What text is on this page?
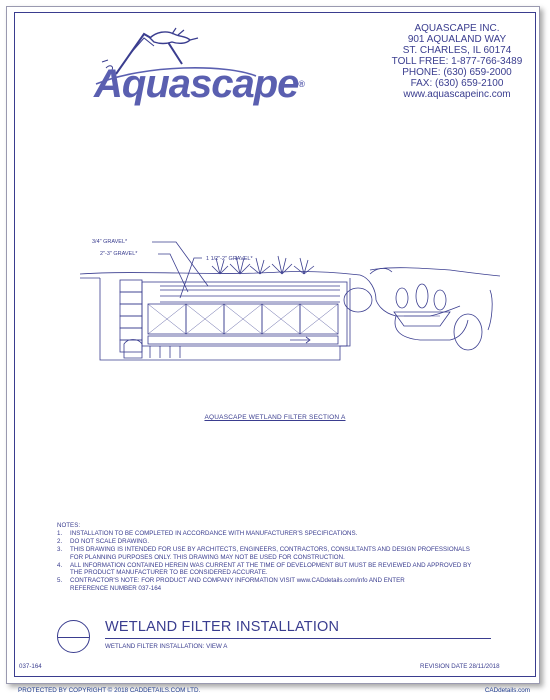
Aquascape®
AQUASCAPE INC.
901 AQUALAND WAY
ST. CHARLES, IL 60174
TOLL FREE: 1-877-766-3489
PHONE: (630) 659-2000
FAX: (630) 659-2100
www.aquascapeinc.com
3/4" GRAVEL*
2"-3" GRAVEL*
1 1/2"-2" GRAVEL*
AQUASCAPE WETLAND FILTER SECTION A
NOTES:
1. INSTALLATION TO BE COMPLETED IN ACCORDANCE WITH MANUFACTURER'S SPECIFICATIONS.
2. DO NOT SCALE DRAWING.
3. THIS DRAWING IS INTENDED FOR USE BY ARCHITECTS, ENGINEERS, CONTRACTORS, CONSULTANTS AND DESIGN PROFESSIONALS
FOR PLANNING PURPOSES ONLY. THIS DRAWING MAY NOT BE USED FOR CONSTRUCTION.
4. ALL INFORMATION CONTAINED HEREIN WAS CURRENT AT THE TIME OF DEVELOPMENT BUT MUST BE REVIEWED AND APPROVED BY
THE PRODUCT MANUFACTURER TO BE CONSIDERED ACCURATE.
5. CONTRACTOR'S NOTE: FOR PRODUCT AND COMPANY INFORMATION VISIT www.CADdetails.com/info AND ENTER
REFERENCE NUMBER 037-164
WETLAND FILTER INSTALLATION
WETLAND FILTER INSTALLATION: VIEW A
037-164	REVISION DATE 28/11/2018
PROTECTED BY COPYRIGHT © 2018 CADDETAILS.COM LTD.	CADdetails.com
